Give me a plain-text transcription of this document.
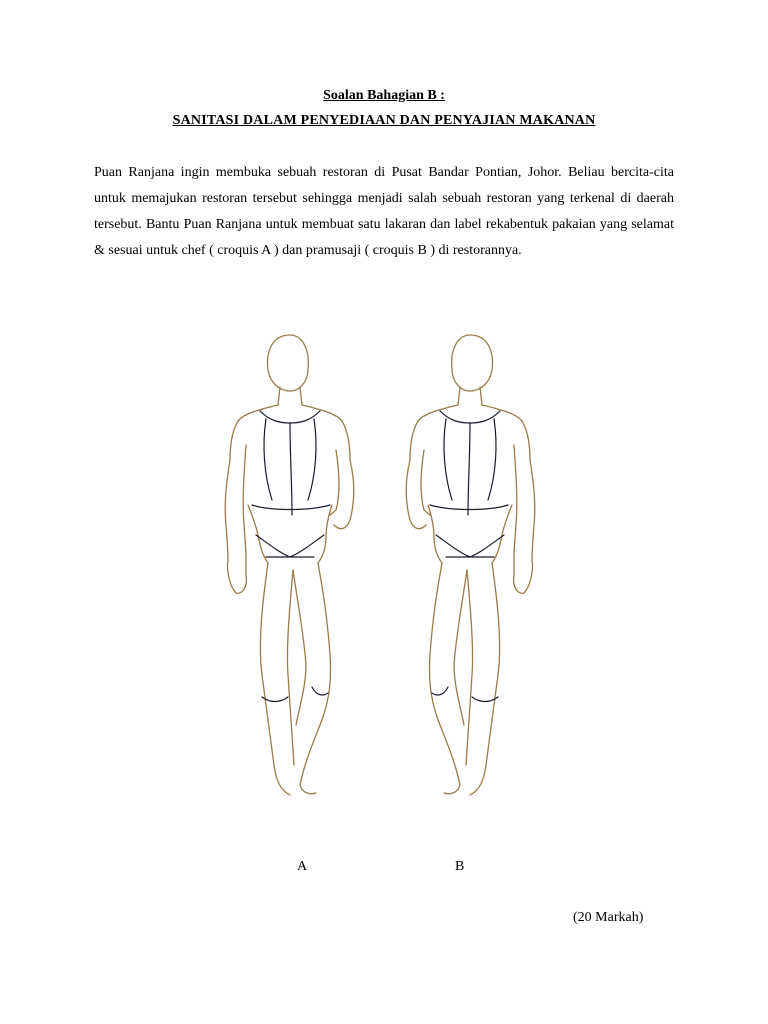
Soalan Bahagian B :

SANITASI DALAM PENYEDIAAN DAN PENYAJIAN MAKANAN

Puan Ranjana ingin membuka sebuah restoran di Pusat Bandar Pontian, Johor. Beliau bercita-cita untuk memajukan restoran tersebut sehingga menjadi salah sebuah restoran yang terkenal di daerah tersebut. Bantu Puan Ranjana untuk membuat satu lakaran dan label rekabentuk pakaian yang selamat & sesuai untuk chef ( croquis A ) dan pramusaji ( croquis B ) di restorannya.

A	B

(20 Markah)
